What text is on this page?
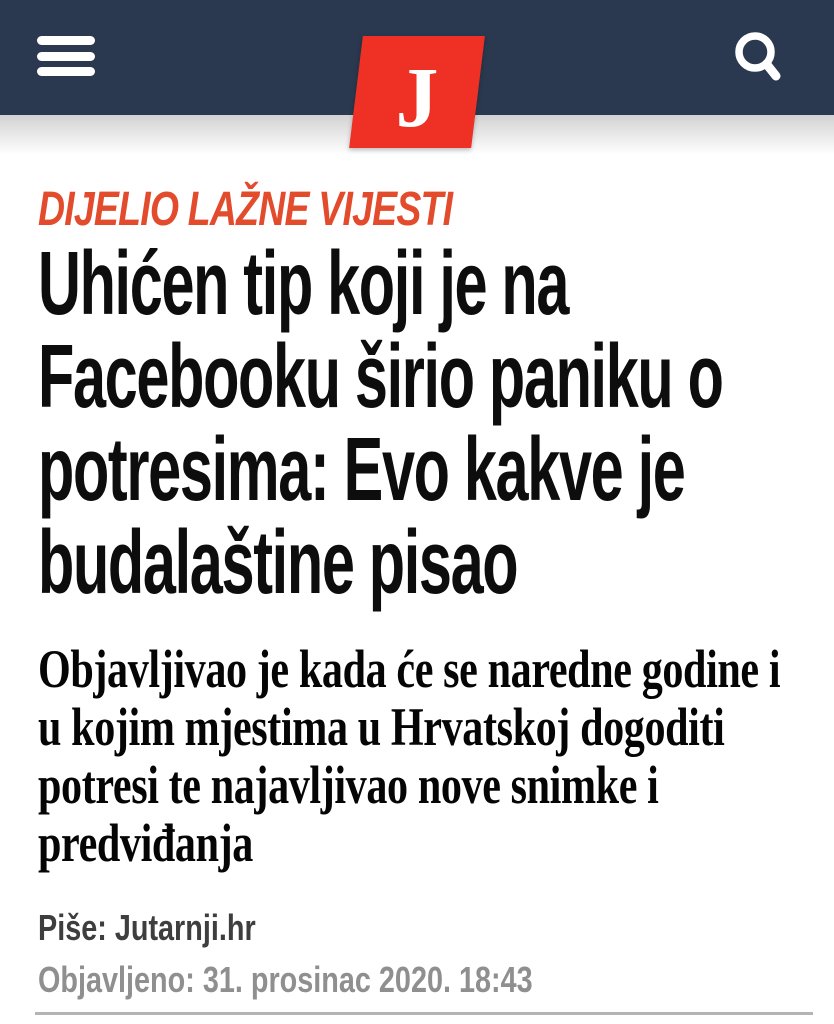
J
DIJELIO LAŽNE VIJESTI
Uhićen tip koji je na
Facebooku širio paniku o
potresima: Evo kakve je
budalaštine pisao
Objavljivao je kada će se naredne godine i
u kojim mjestima u Hrvatskoj dogoditi
potresi te najavljivao nove snimke i
predviđanja
Piše: Jutarnji.hr
Objavljeno: 31. prosinac 2020. 18:43
